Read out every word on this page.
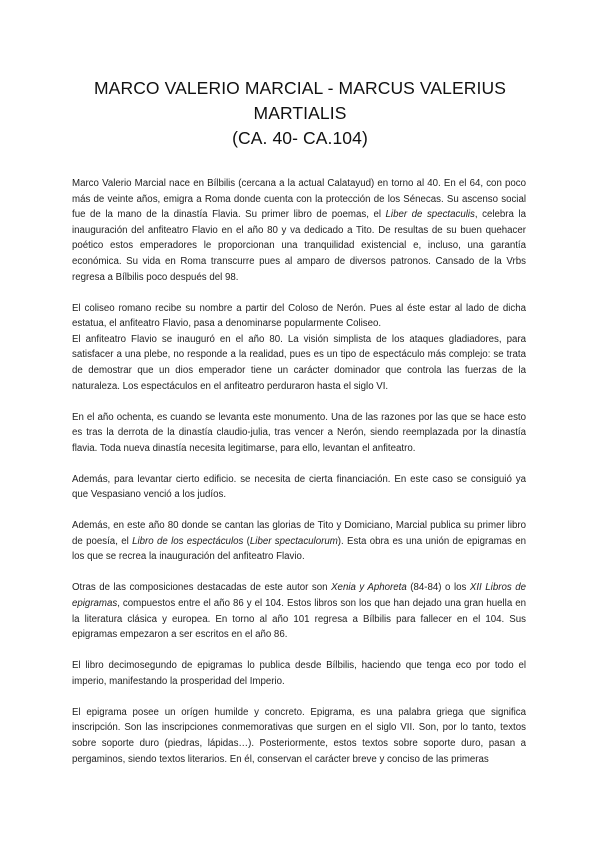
MARCO VALERIO MARCIAL - MARCUS VALERIUS
MARTIALIS
(CA. 40- CA.104)

Marco Valerio Marcial nace en Bílbilis (cercana a la actual Calatayud) en torno al 40. En el 64, con poco más de veinte años, emigra a Roma donde cuenta con la protección de los Sénecas. Su ascenso social fue de la mano de la dinastía Flavia. Su primer libro de poemas, el Liber de spectaculis, celebra la inauguración del anfiteatro Flavio en el año 80 y va dedicado a Tito. De resultas de su buen quehacer poético estos emperadores le proporcionan una tranquilidad existencial e, incluso, una garantía económica. Su vida en Roma transcurre pues al amparo de diversos patronos. Cansado de la Vrbs regresa a Bílbilis poco después del 98.

El coliseo romano recibe su nombre a partir del Coloso de Nerón. Pues al éste estar al lado de dicha estatua, el anfiteatro Flavio, pasa a denominarse popularmente Coliseo.

El anfiteatro Flavio se inauguró en el año 80. La visión simplista de los ataques gladiadores, para satisfacer a una plebe, no responde a la realidad, pues es un tipo de espectáculo más complejo: se trata de demostrar que un dios emperador tiene un carácter dominador que controla las fuerzas de la naturaleza. Los espectáculos en el anfiteatro perduraron hasta el siglo VI.

En el año ochenta, es cuando se levanta este monumento. Una de las razones por las que se hace esto es tras la derrota de la dinastía claudio-julia, tras vencer a Nerón, siendo reemplazada por la dinastía flavia. Toda nueva dinastía necesita legitimarse, para ello, levantan el anfiteatro.

Además, para levantar cierto edificio. se necesita de cierta financiación. En este caso se consiguió ya que Vespasiano venció a los judíos.

Además, en este año 80 donde se cantan las glorias de Tito y Domiciano, Marcial publica su primer libro de poesía, el Libro de los espectáculos (Liber spectaculorum). Esta obra es una unión de epigramas en los que se recrea la inauguración del anfiteatro Flavio.

Otras de las composiciones destacadas de este autor son Xenia y Aphoreta (84-84) o los XII Libros de epigramas, compuestos entre el año 86 y el 104. Estos libros son los que han dejado una gran huella en la literatura clásica y europea. En torno al año 101 regresa a Bílbilis para fallecer en el 104. Sus epigramas empezaron a ser escritos en el año 86.

El libro decimosegundo de epigramas lo publica desde Bílbilis, haciendo que tenga eco por todo el imperio, manifestando la prosperidad del Imperio.

El epigrama posee un orígen humilde y concreto. Epigrama, es una palabra griega que significa inscripción. Son las inscripciones conmemorativas que surgen en el siglo VII. Son, por lo tanto, textos sobre soporte duro (piedras, lápidas…). Posteriormente, estos textos sobre soporte duro, pasan a pergaminos, siendo textos literarios. En él, conservan el carácter breve y conciso de las primeras
